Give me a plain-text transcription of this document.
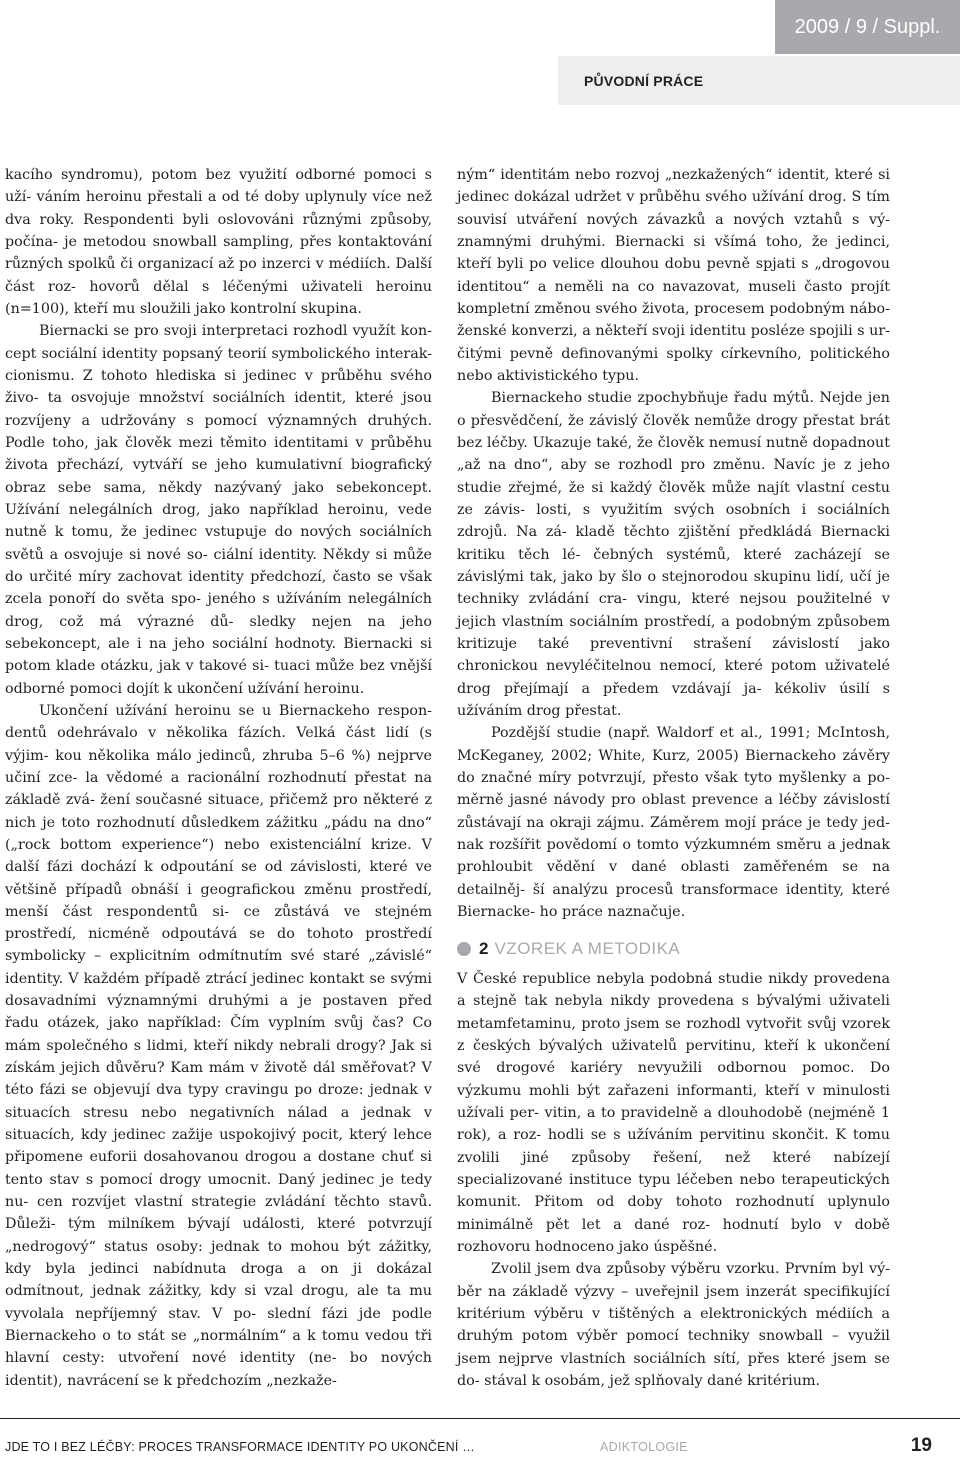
2009 / 9 / Suppl.
PŮVODNÍ PRÁCE

kacího syndromu), potom bez využití odborné pomoci s uží- váním heroinu přestali a od té doby uplynuly více než dva roky. Respondenti byli oslovováni různými způsoby, počína- je metodou snowball sampling, přes kontaktování různých spolků či organizací až po inzerci v médiích. Další část roz- hovorů dělal s léčenými uživateli heroinu (n=100), kteří mu sloužili jako kontrolní skupina.

Biernacki se pro svoji interpretaci rozhodl využít kon- cept sociální identity popsaný teorií symbolického interak- cionismu. Z tohoto hlediska si jedinec v průběhu svého živo- ta osvojuje množství sociálních identit, které jsou rozvíjeny a udržovány s pomocí významných druhých. Podle toho, jak člověk mezi těmito identitami v průběhu života přechází, vytváří se jeho kumulativní biografický obraz sebe sama, někdy nazývaný jako sebekoncept. Užívání nelegálních drog, jako například heroinu, vede nutně k tomu, že jedinec vstupuje do nových sociálních světů a osvojuje si nové so- ciální identity. Někdy si může do určité míry zachovat identity předchozí, často se však zcela ponoří do světa spo- jeného s užíváním nelegálních drog, což má výrazné dů- sledky nejen na jeho sebekoncept, ale i na jeho sociální hodnoty. Biernacki si potom klade otázku, jak v takové si- tuaci může bez vnější odborné pomoci dojít k ukončení užívání heroinu.

Ukončení užívání heroinu se u Biernackeho respon- dentů odehrávalo v několika fázích. Velká část lidí (s výjim- kou několika málo jedinců, zhruba 5–6 %) nejprve učiní zce- la vědomé a racionální rozhodnutí přestat na základě zvá- žení současné situace, přičemž pro některé z nich je toto rozhodnutí důsledkem zážitku „pádu na dno“ („rock bottom experience“) nebo existenciální krize. V další fázi dochází k odpoutání se od závislosti, které ve většině případů obnáší i geografickou změnu prostředí, menší část respondentů si- ce zůstává ve stejném prostředí, nicméně odpoutává se do tohoto prostředí symbolicky – explicitním odmítnutím své staré „závislé“ identity. V každém případě ztrácí jedinec kontakt se svými dosavadními významnými druhými a je postaven před řadu otázek, jako například: Čím vyplním svůj čas? Co mám společného s lidmi, kteří nikdy nebrali drogy? Jak si získám jejich důvěru? Kam mám v životě dál směřovat? V této fázi se objevují dva typy cravingu po droze: jednak v situacích stresu nebo negativních nálad a jednak v situacích, kdy jedinec zažije uspokojivý pocit, který lehce připomene euforii dosahovanou drogou a dostane chuť si tento stav s pomocí drogy umocnit. Daný jedinec je tedy nu- cen rozvíjet vlastní strategie zvládání těchto stavů. Důleži- tým milníkem bývají události, které potvrzují „nedrogový“ status osoby: jednak to mohou být zážitky, kdy byla jedinci nabídnuta droga a on ji dokázal odmítnout, jednak zážitky, kdy si vzal drogu, ale ta mu vyvolala nepříjemný stav. V po- slední fázi jde podle Biernackeho o to stát se „normálním“ a k tomu vedou tři hlavní cesty: utvoření nové identity (ne- bo nových identit), navrácení se k předchozím „nezkaže-

ným“ identitám nebo rozvoj „nezkažených“ identit, které si jedinec dokázal udržet v průběhu svého užívání drog. S tím souvisí utváření nových závazků a nových vztahů s vý- znamnými druhými. Biernacki si všímá toho, že jedinci, kteří byli po velice dlouhou dobu pevně spjati s „drogovou identitou“ a neměli na co navazovat, museli často projít kompletní změnou svého života, procesem podobným nábo- ženské konverzi, a někteří svoji identitu posléze spojili s ur- čitými pevně definovanými spolky církevního, politického nebo aktivistického typu.

Biernackeho studie zpochybňuje řadu mýtů. Nejde jen o přesvědčení, že závislý člověk nemůže drogy přestat brát bez léčby. Ukazuje také, že člověk nemusí nutně dopadnout „až na dno“, aby se rozhodl pro změnu. Navíc je z jeho studie zřejmé, že si každý člověk může najít vlastní cestu ze závis- losti, s využitím svých osobních i sociálních zdrojů. Na zá- kladě těchto zjištění předkládá Biernacki kritiku těch lé- čebných systémů, které zacházejí se závislými tak, jako by šlo o stejnorodou skupinu lidí, učí je techniky zvládání cra- vingu, které nejsou použitelné v jejich vlastním sociálním prostředí, a podobným způsobem kritizuje také preventivní strašení závislostí jako chronickou nevyléčitelnou nemocí, které potom uživatelé drog přejímají a předem vzdávají ja- kékoliv úsilí s užíváním drog přestat.

Pozdější studie (např. Waldorf et al., 1991; McIntosh, McKeganey, 2002; White, Kurz, 2005) Biernackeho závěry do značné míry potvrzují, přesto však tyto myšlenky a po- měrně jasné návody pro oblast prevence a léčby závislostí zůstávají na okraji zájmu. Záměrem mojí práce je tedy jed- nak rozšířit povědomí o tomto výzkumném směru a jednak prohloubit vědění v dané oblasti zaměřeném se na detailněj- ší analýzu procesů transformace identity, které Biernacke- ho práce naznačuje.

2 VZOREK A METODIKA

V České republice nebyla podobná studie nikdy provedena a stejně tak nebyla nikdy provedena s bývalými uživateli metamfetaminu, proto jsem se rozhodl vytvořit svůj vzorek z českých bývalých uživatelů pervitinu, kteří k ukončení své drogové kariéry nevyužili odbornou pomoc. Do výzkumu mohli být zařazeni informanti, kteří v minulosti užívali per- vitin, a to pravidelně a dlouhodobě (nejméně 1 rok), a roz- hodli se s užíváním pervitinu skončit. K tomu zvolili jiné způsoby řešení, než které nabízejí specializované instituce typu léčeben nebo terapeutických komunit. Přitom od doby tohoto rozhodnutí uplynulo minimálně pět let a dané roz- hodnutí bylo v době rozhovoru hodnoceno jako úspěšné.

Zvolil jsem dva způsoby výběru vzorku. Prvním byl vý- běr na základě výzvy – uveřejnil jsem inzerát specifikující kritérium výběru v tištěných a elektronických médiích a druhým potom výběr pomocí techniky snowball – využil jsem nejprve vlastních sociálních sítí, přes které jsem se do- stával k osobám, jež splňovaly dané kritérium.

JDE TO I BEZ LÉČBY: PROCES TRANSFORMACE IDENTITY PO UKONČENÍ …	ADIKTOLOGIE	19
